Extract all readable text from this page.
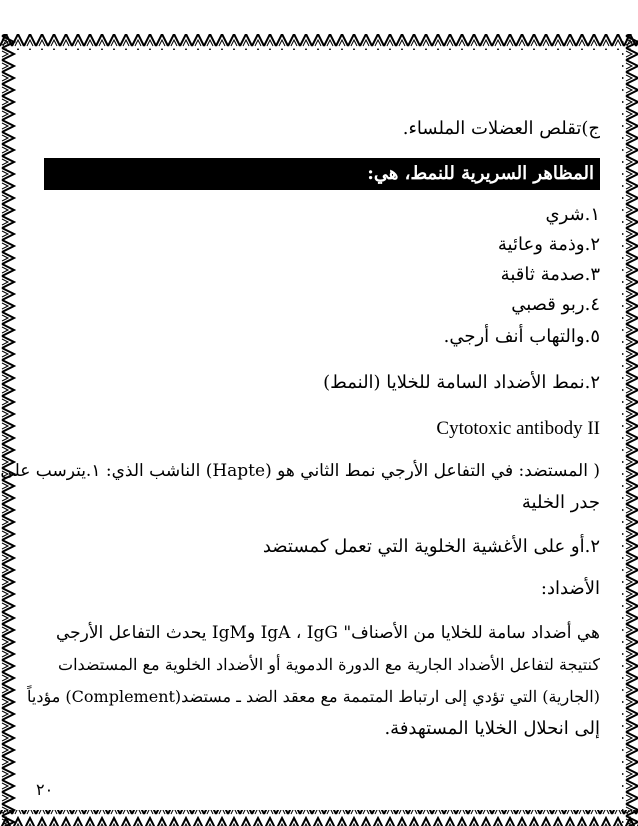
ج)تقلص العضلات الملساء.
المظاهر السريرية للنمط، هي:
١.شري
٢.وذمة وعائية
٣.صدمة ثاقبة
٤.ربو قصبي
٥.والتهاب أنف أرجي.
٢.نمط الأضداد السامة للخلايا (النمط)
Cytotoxic antibody II
( المستضد: في التفاعل الأرجي نمط الثاني هو (Hapte) الناشب الذي: ١.يترسب على
جدر الخلية
٢.أو على الأغشية الخلوية التي تعمل كمستضد
الأضداد:
هي أضداد سامة للخلايا من الأصناف" IgA ، IgG وIgM يحدث التفاعل الأرجي
كنتيجة لتفاعل الأضداد الجارية مع الدورة الدموية أو الأضداد الخلوية مع المستضدات
(الجارية) التي تؤدي إلى ارتباط المتممة مع معقد الضد ـ مستضد(Complement) مؤدياً
إلى انحلال الخلايا المستهدفة.
٢٠
